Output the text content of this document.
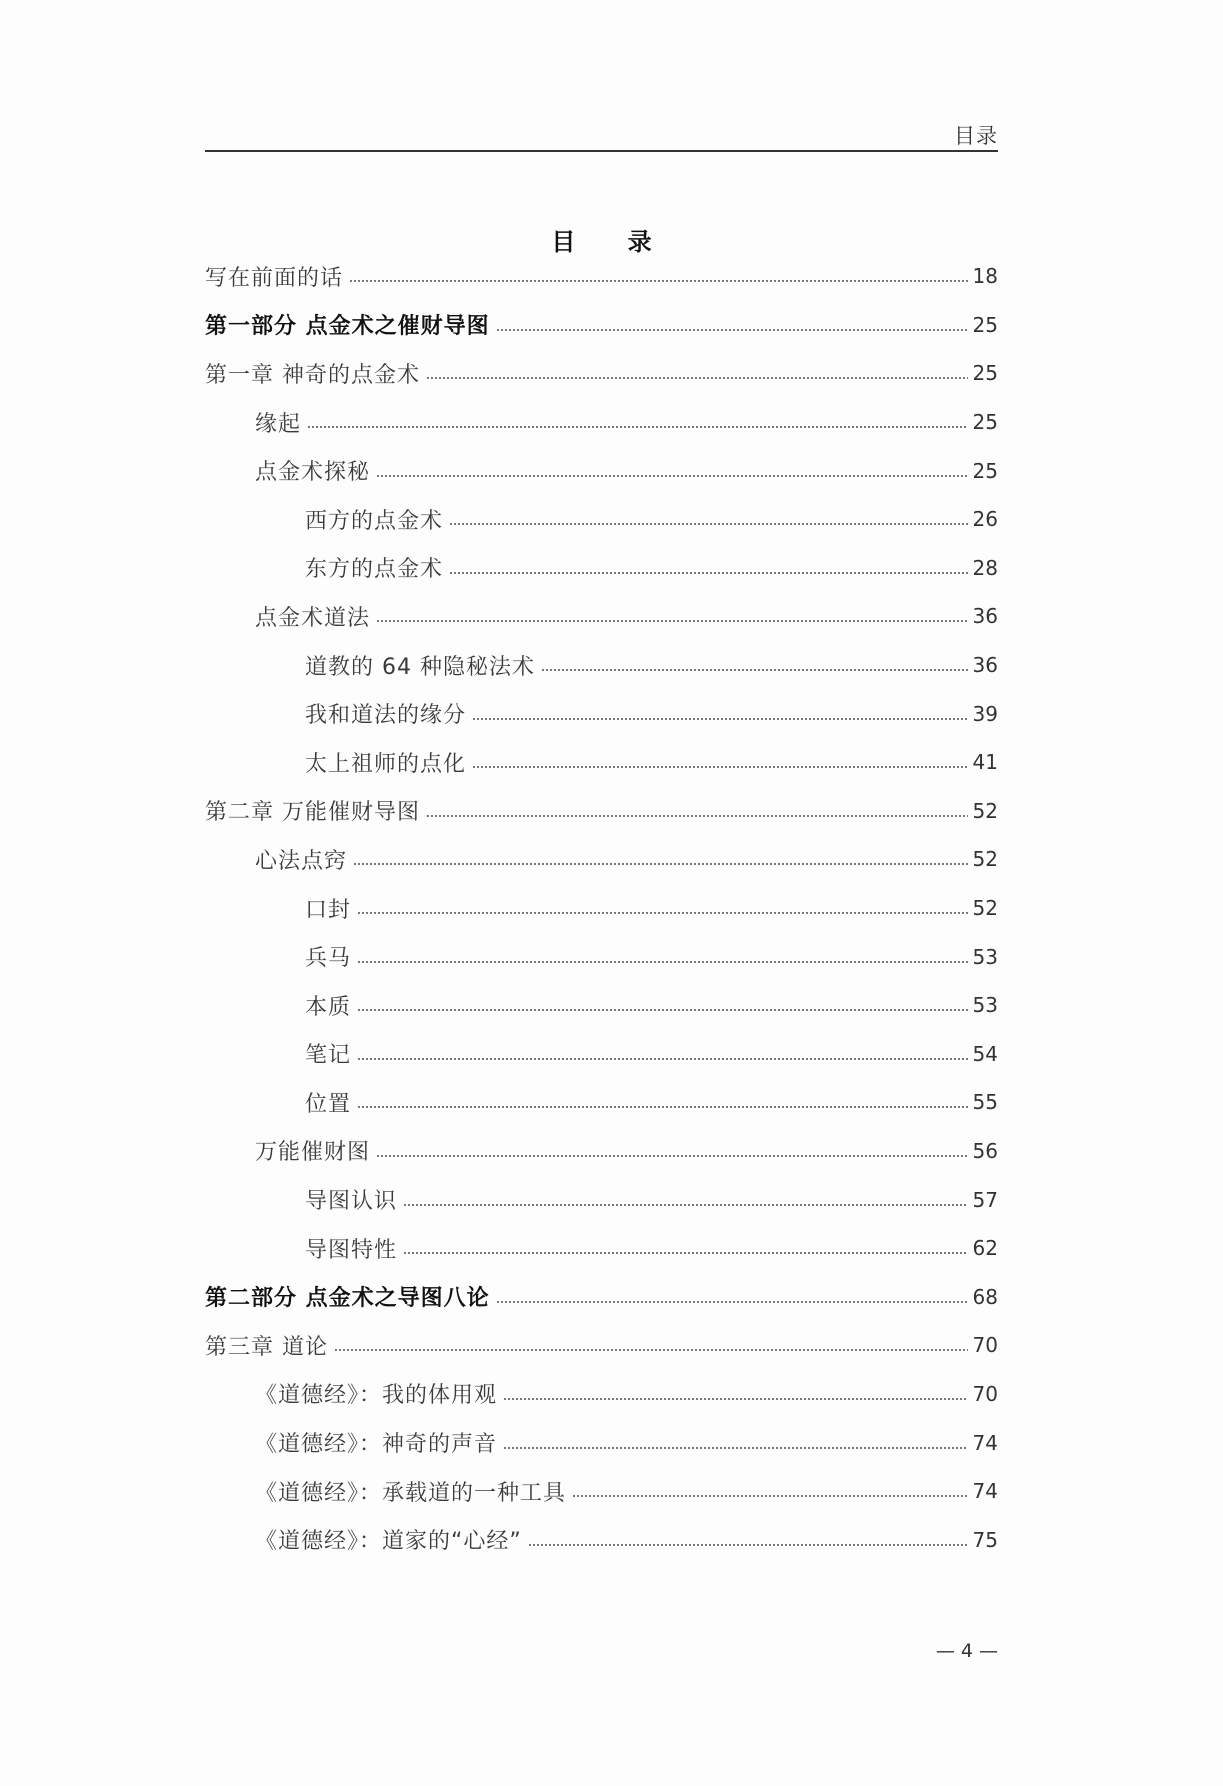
目录
目 录
写在前面的话	18
第一部分 点金术之催财导图	25
第一章 神奇的点金术	25
缘起	25
点金术探秘	25
西方的点金术	26
东方的点金术	28
点金术道法	36
道教的 64 种隐秘法术	36
我和道法的缘分	39
太上祖师的点化	41
第二章 万能催财导图	52
心法点窍	52
口封	52
兵马	53
本质	53
笔记	54
位置	55
万能催财图	56
导图认识	57
导图特性	62
第二部分 点金术之导图八论	68
第三章 道论	70
《道德经》：我的体用观	70
《道德经》：神奇的声音	74
《道德经》：承载道的一种工具	74
《道德经》：道家的“心经”	75
— 4 —
